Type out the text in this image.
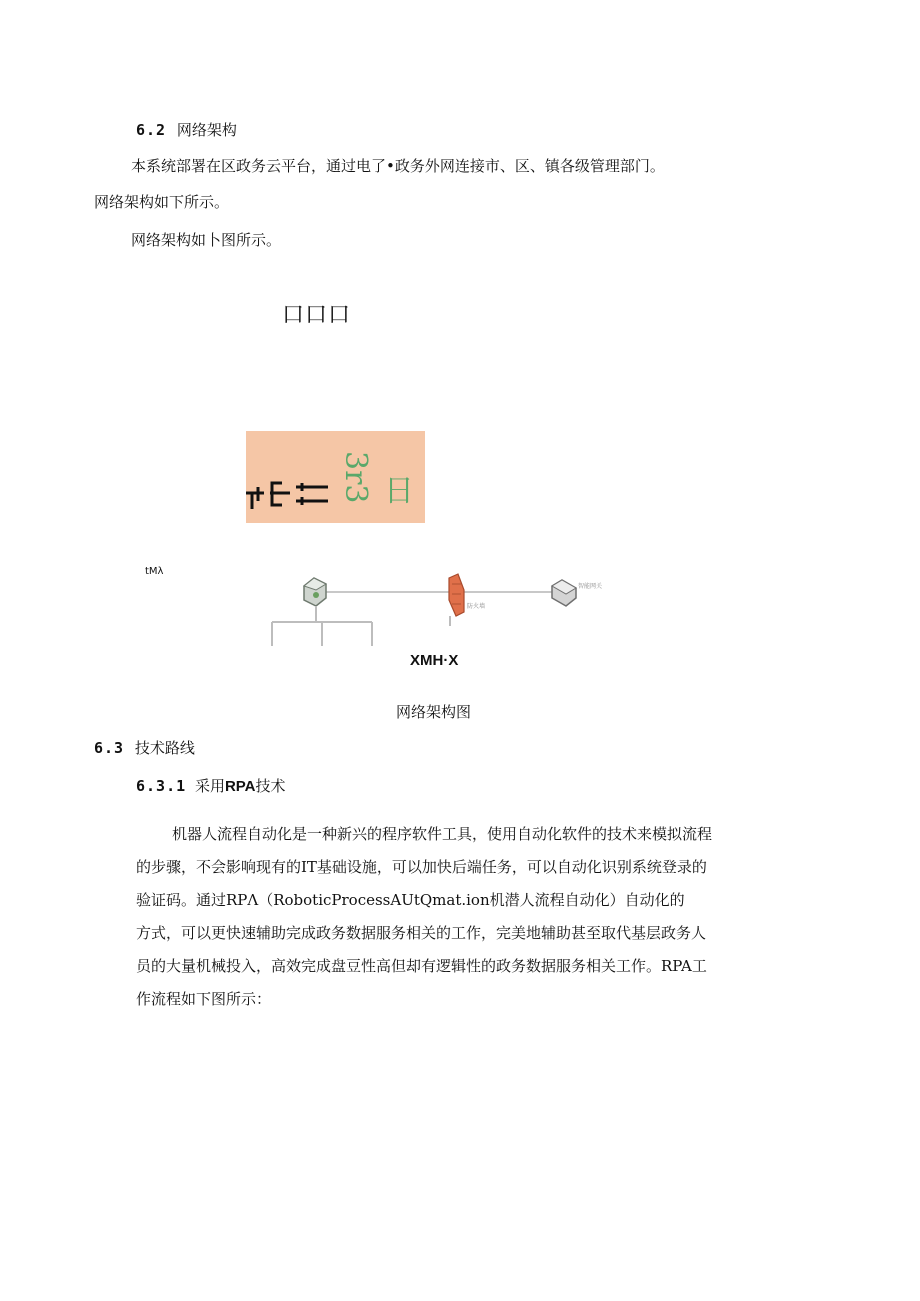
6.2 网络架构
本系统部署在区政务云平台，通过电了•政务外网连接市、区、镇各级管理部门。
网络架构如下所示。
网络架构如卜图所示。
口口口
3r3 日
tMλ
防火墙
智能网关
XMH·X
网络架构图
6.3 技术路线
6.3.1 采用RPA技术
机器人流程自动化是一种新兴的程序软件工具，使用自动化软件的技术来模拟流程
的步骤，不会影响现有的IT基础设施，可以加快后端任务，可以自动化识别系统登录的
验证码。通过RPΛ（RoboticProcessAUtQmat.ion机潜人流程自动化）自动化的
方式，可以更快速辅助完成政务数据服务相关的工作，完美地辅助甚至取代基层政务人
员的大量机械投入，高效完成盘豆性高但却有逻辑性的政务数据服务相关工作。RPA工
作流程如下图所示：
